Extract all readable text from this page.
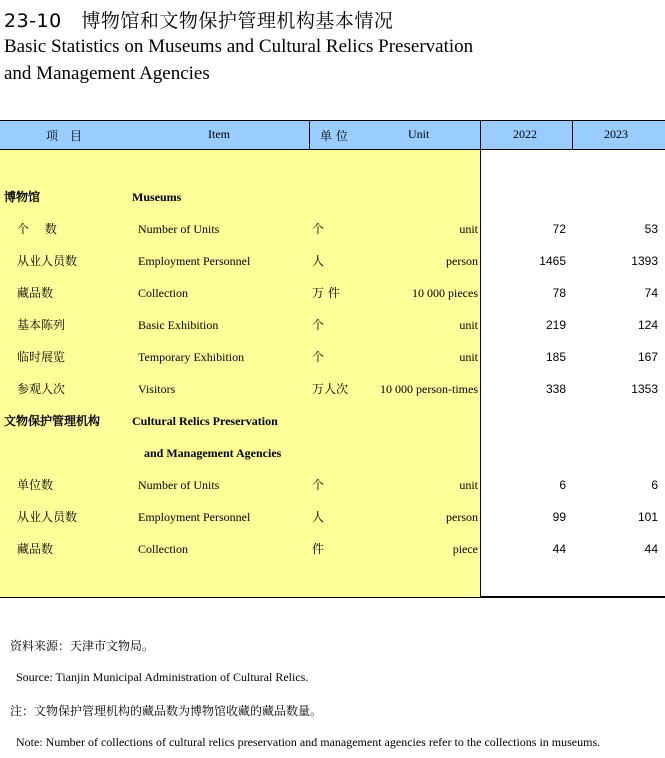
23-10 博物馆和文物保护管理机构基本情况
Basic Statistics on Museums and Cultural Relics Preservation
and Management Agencies
项　目	Item	单 位	Unit	2022	2023
博物馆	Museums
个　 数	Number of Units	个	unit	72	53
从业人员数	Employment Personnel	人	person	1465	1393
藏品数	Collection	万 件	10 000 pieces	78	74
基本陈列	Basic Exhibition	个	unit	219	124
临时展览	Temporary Exhibition	个	unit	185	167
参观人次	Visitors	万人次	10 000 person-times	338	1353
文物保护管理机构	Cultural Relics Preservation
and Management Agencies
单位数	Number of Units	个	unit	6	6
从业人员数	Employment Personnel	人	person	99	101
藏品数	Collection	件	piece	44	44
资料来源：天津市文物局。
Source: Tianjin Municipal Administration of Cultural Relics.
注：文物保护管理机构的藏品数为博物馆收藏的藏品数量。
Note: Number of collections of cultural relics preservation and management agencies refer to the collections in museums.
